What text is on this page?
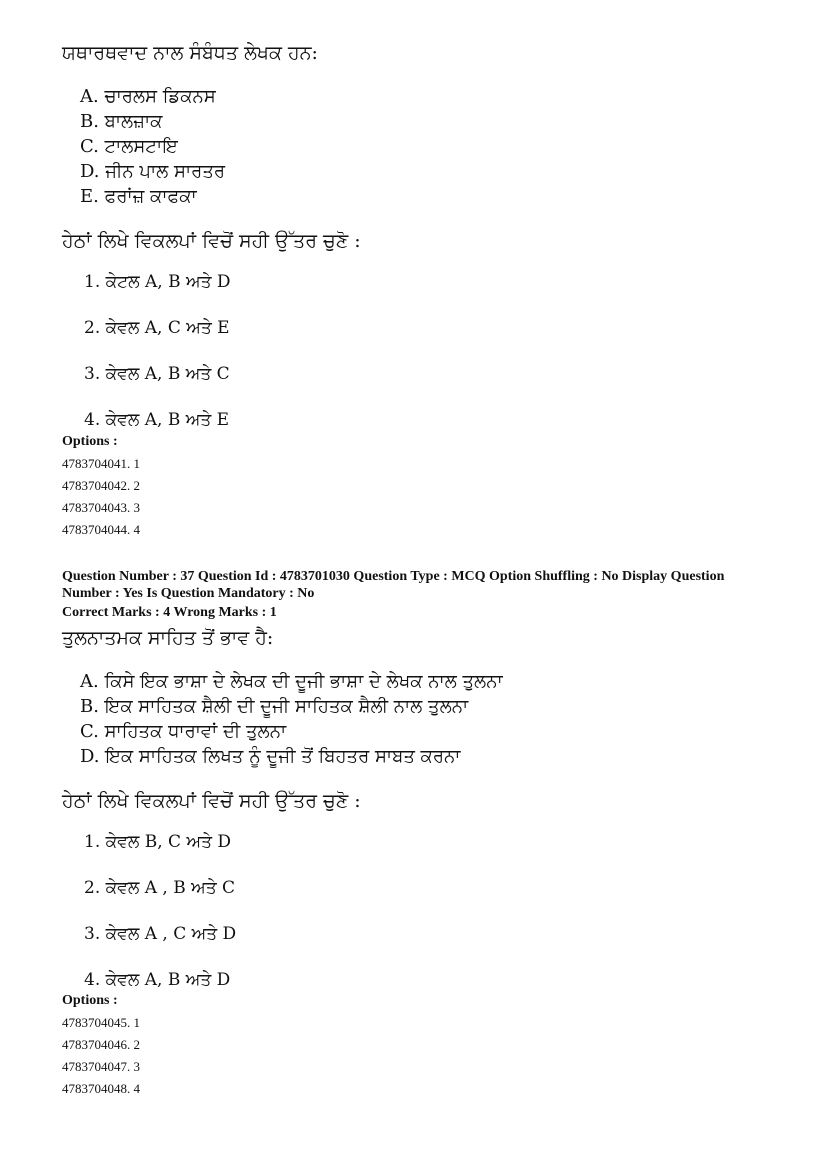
ਯਥਾਰਥਵਾਦ ਨਾਲ ਸੰਬੰਧਤ ਲੇਖਕ ਹਨ:
A. ਚਾਰਲਸ ਡਿਕਨਸ
B. ਬਾਲਜ਼ਾਕ
C. ਟਾਲਸਟਾਇ
D. ਜੀਨ ਪਾਲ ਸਾਰਤਰ
E. ਫਰਾਂਜ਼ ਕਾਫਕਾ
ਹੇਠਾਂ ਲਿਖੇ ਵਿਕਲਪਾਂ ਵਿਚੋਂ ਸਹੀ ਉੱਤਰ ਚੁਣੋ :
1. ਕੇਟਲ A, B ਅਤੇ D
2. ਕੇਵਲ A, C ਅਤੇ E
3. ਕੇਵਲ A, B ਅਤੇ C
4. ਕੇਵਲ A, B ਅਤੇ E
Options :
4783704041. 1
4783704042. 2
4783704043. 3
4783704044. 4
Question Number : 37 Question Id : 4783701030 Question Type : MCQ Option Shuffling : No Display Question Number : Yes Is Question Mandatory : No
Correct Marks : 4 Wrong Marks : 1
ਤੁਲਨਾਤਮਕ ਸਾਹਿਤ ਤੋਂ ਭਾਵ ਹੈ:
A. ਕਿਸੇ ਇਕ ਭਾਸ਼ਾ ਦੇ ਲੇਖਕ ਦੀ ਦੂਜੀ ਭਾਸ਼ਾ ਦੇ ਲੇਖਕ ਨਾਲ ਤੁਲਨਾ
B. ਇਕ ਸਾਹਿਤਕ ਸ਼ੈਲੀ ਦੀ ਦੂਜੀ ਸਾਹਿਤਕ ਸ਼ੈਲੀ ਨਾਲ ਤੁਲਨਾ
C. ਸਾਹਿਤਕ ਧਾਰਾਵਾਂ ਦੀ ਤੁਲਨਾ
D. ਇਕ ਸਾਹਿਤਕ ਲਿਖਤ ਨੂੰ ਦੂਜੀ ਤੋਂ ਬਿਹਤਰ ਸਾਬਤ ਕਰਨਾ
ਹੇਠਾਂ ਲਿਖੇ ਵਿਕਲਪਾਂ ਵਿਚੋਂ ਸਹੀ ਉੱਤਰ ਚੁਣੋ :
1. ਕੇਵਲ B, C ਅਤੇ D
2. ਕੇਵਲ A , B ਅਤੇ C
3. ਕੇਵਲ A , C ਅਤੇ D
4. ਕੇਵਲ A, B ਅਤੇ D
Options :
4783704045. 1
4783704046. 2
4783704047. 3
4783704048. 4
